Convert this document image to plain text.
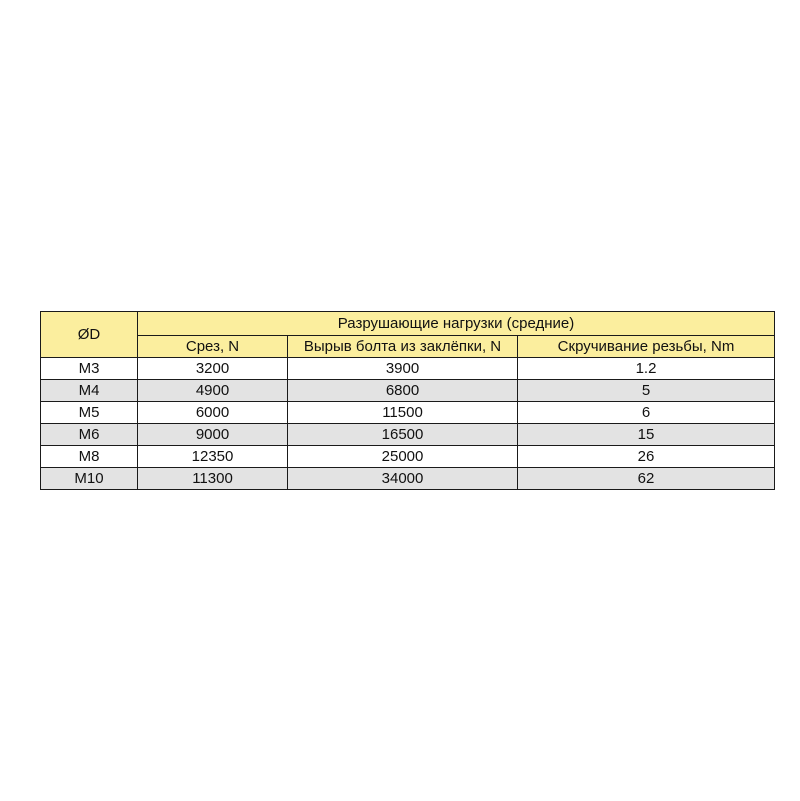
ØD	Разрушающие нагрузки (средние)		
	Срез, N	Вырыв болта из заклёпки, N	Скручивание резьбы, Nm
M3	3200	3900	1.2
M4	4900	6800	5
M5	6000	11500	6
M6	9000	16500	15
M8	12350	25000	26
M10	11300	34000	62
